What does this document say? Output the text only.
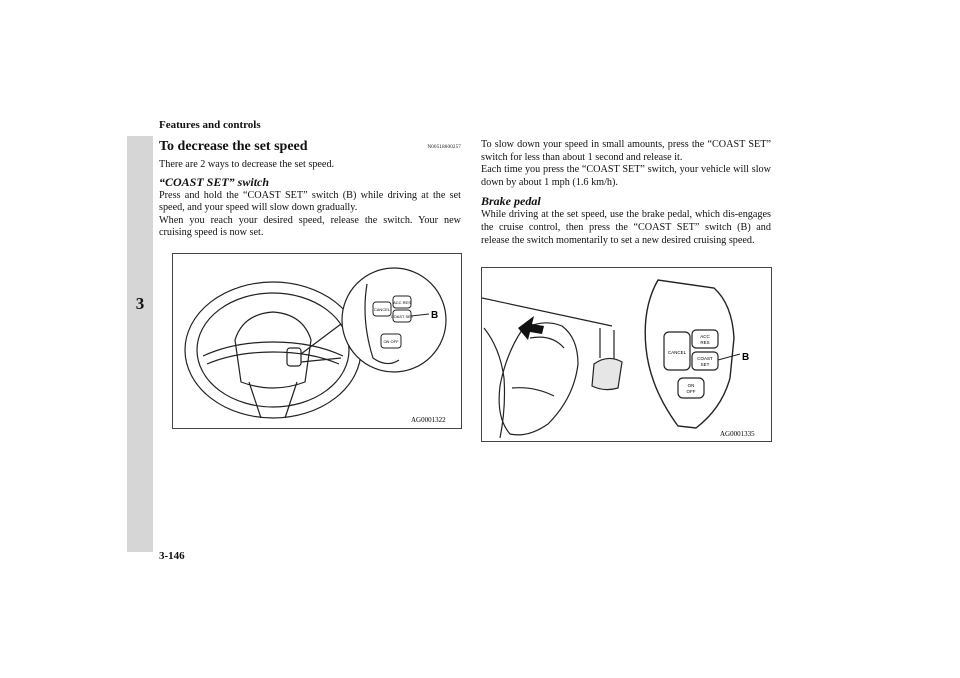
Features and controls
3
To decrease the set speed	N00518600257

There are 2 ways to decrease the set speed.

“COAST SET” switch

Press and hold the “COAST SET” switch (B) while driving at the set speed, and your speed will slow down gradually.

When you reach your desired speed, release the switch. Your new cruising speed is now set.

To slow down your speed in small amounts, press the “COAST SET” switch for less than about 1 second and release it.

Each time you press the “COAST SET” switch, your vehicle will slow down by about 1 mph (1.6 km/h).

Brake pedal

While driving at the set speed, use the brake pedal, which dis-engages the cruise control, then press the “COAST SET” switch (B) and release the switch momentarily to set a new desired cruising speed.

CANCEL
ACC RES
COAST SET
ON OFF
B
AG0001322
CANCEL
ACC
RES
COAST
SET
ON
OFF
B
AG0001335
3-146
